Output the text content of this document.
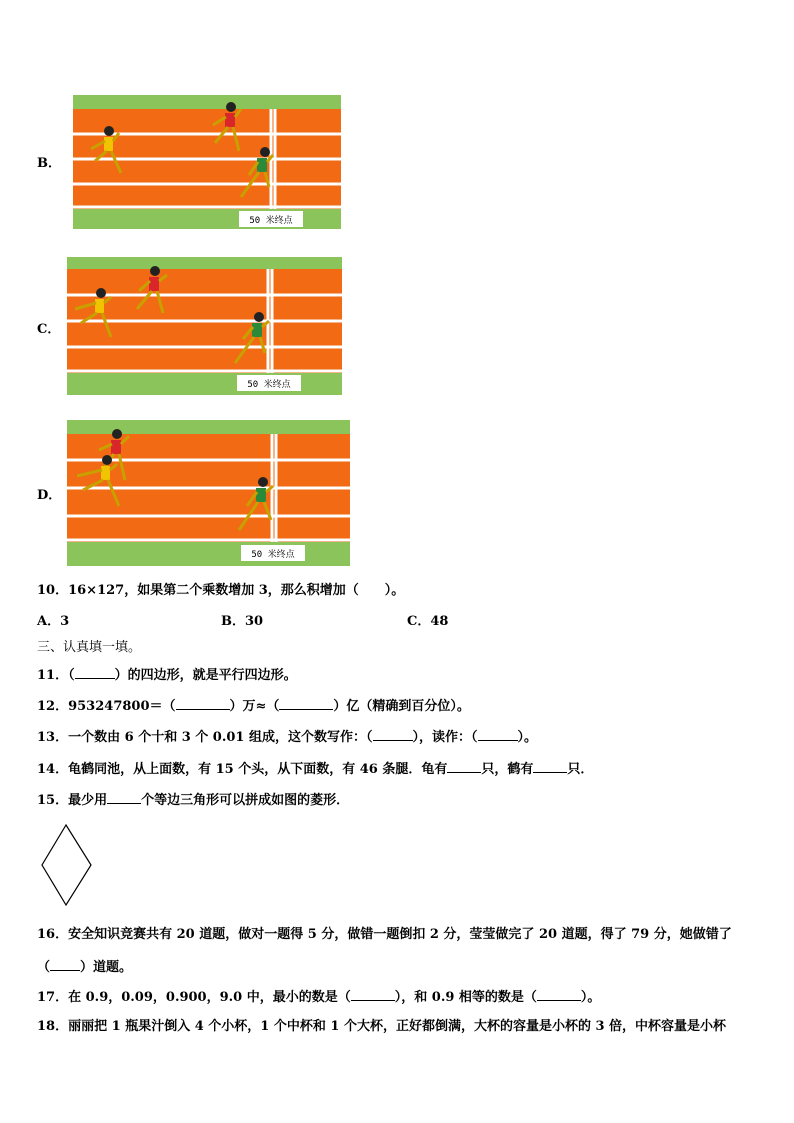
B．
50 米终点
C．
50 米终点
D．
50 米终点
10．16×127，如果第二个乘数增加 3，那么积增加（　　）。
A．3	B．30	C．48
三、认真填一填。
11．（	）的四边形，就是平行四边形。
12．953247800＝（	）万≈（	）亿（精确到百分位）。
13．一个数由 6 个十和 3 个 0.01 组成，这个数写作：（	），读作：（	）。
14．龟鹤同池，从上面数，有 15 个头，从下面数，有 46 条腿．龟有	只，鹤有	只．
15．最少用	个等边三角形可以拼成如图的菱形．
16．安全知识竞赛共有 20 道题，做对一题得 5 分，做错一题倒扣 2 分，莹莹做完了 20 道题，得了 79 分，她做错了
（ ）道题。
17．在 0.9，0.09，0.900，9.0 中，最小的数是（	），和 0.9 相等的数是（	）。
18．丽丽把 1 瓶果汁倒入 4 个小杯，1 个中杯和 1 个大杯，正好都倒满，大杯的容量是小杯的 3 倍，中杯容量是小杯
